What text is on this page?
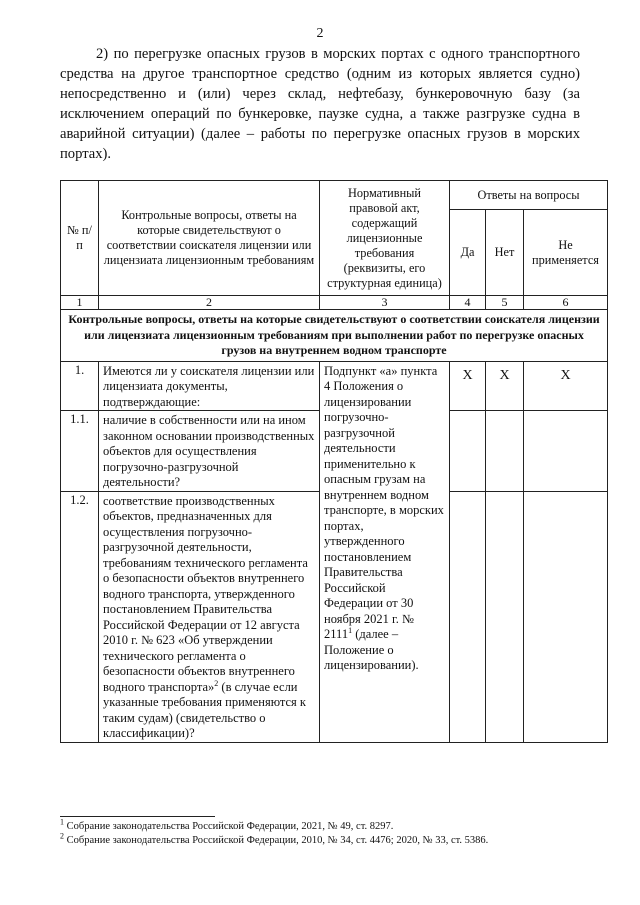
2
2) по перегрузке опасных грузов в морских портах с одного транспортного средства на другое транспортное средство (одним из которых является судно) непосредственно и (или) через склад, нефтебазу, бункеровочную базу (за исключением операций по бункеровке, паузке судна, а также разгрузке судна в аварийной ситуации) (далее – работы по перегрузке опасных грузов в морских портах).
№ п/п	Контрольные вопросы, ответы на которые свидетельствуют о соответствии соискателя лицензии или лицензиата лицензионным требованиям	Нормативный правовой акт, содержащий лицензионные требования (реквизиты, его структурная единица)	Ответы на вопросы		
			Да	Нет	Не применяется
1	2	3	4	5	6
Контрольные вопросы, ответы на которые свидетельствуют о соответствии соискателя лицензии или лицензиата лицензионным требованиям при выполнении работ по перегрузке опасных грузов на внутреннем водном транспорте					
1.	Имеются ли у соискателя лицензии или лицензиата документы, подтверждающие:	Подпункт «а» пункта 4 Положения о лицензировании погрузочно-разгрузочной деятельности применительно к опасным грузам на внутреннем водном транспорте, в морских портах, утвержденного постановлением Правительства Российской Федерации от 30 ноября 2021 г. № 2111$^1$ (далее – Положение о лицензировании).	X	X	X
1.1.	наличие в собственности или на ином законном основании производственных объектов для осуществления погрузочно-разгрузочной деятельности?				
1.2.	соответствие производственных объектов, предназначенных для осуществления погрузочно-разгрузочной деятельности, требованиям технического регламента о безопасности объектов внутреннего водного транспорта, утвержденного постановлением Правительства Российской Федерации от 12 августа 2010 г. № 623 «Об утверждении технического регламента о безопасности объектов внутреннего водного транспорта»$^2$ (в случае если указанные требования применяются к таким судам) (свидетельство о классификации)?				
$^1$ Собрание законодательства Российской Федерации, 2021, № 49, ст. 8297.
$^2$ Собрание законодательства Российской Федерации, 2010, № 34, ст. 4476; 2020, № 33, ст. 5386.
